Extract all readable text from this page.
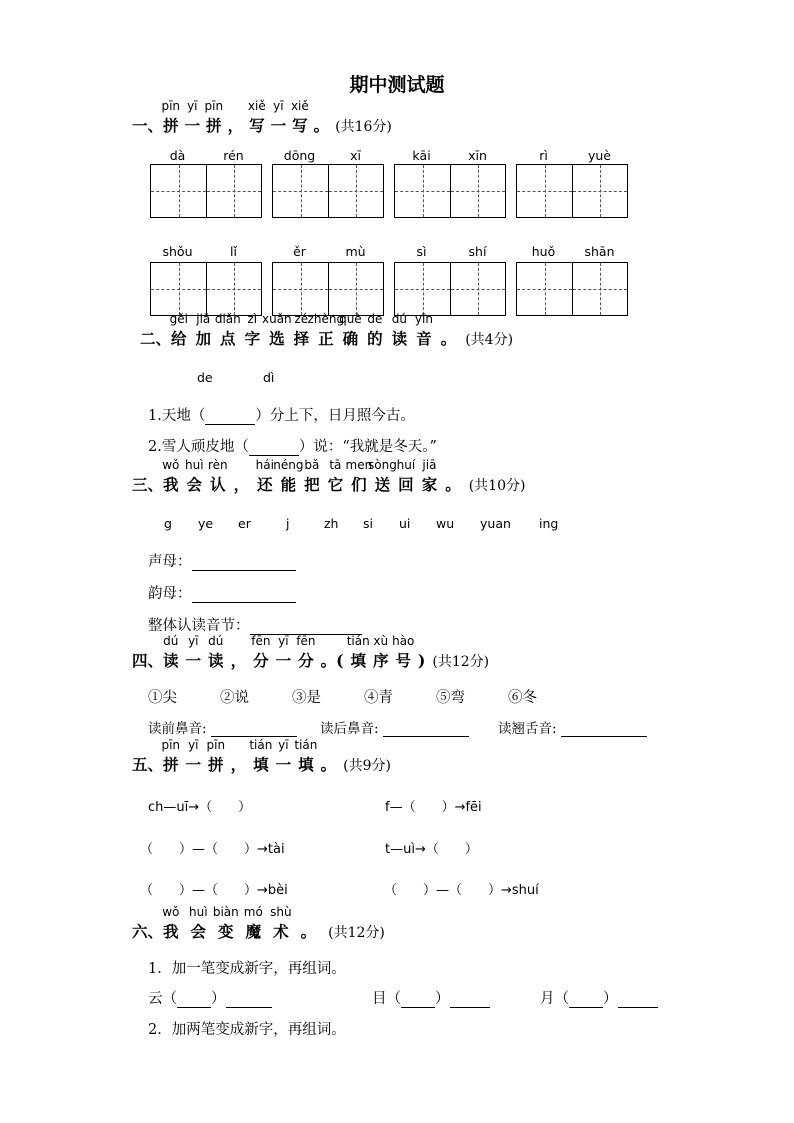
期中测试题
一、拼
pīn
一
yī
拼
pīn
， 写
xiě
一
yī
写
xiě
。 (共16分)
dà	rén	dōng	xī	kāi	xīn	rì	yuè
shǒu	lǐ	ěr	mù	sì	shí	huǒ	shān
二、给
gěi
加
jiā
点
diǎn
字
zì
选
xuǎn
择
zé
正
zhèng
确
què
的
de
读
dú
音
yīn
。 (共4分)
de	dì
1.天地（	）分上下，日月照今古。
2.雪人顽皮地（	）说：“我就是冬天。”
三、我
wǒ
会
huì
认
rèn
， 还
hái
能
néng
把
bǎ
它
tā
们
men
送
sòng
回
huí
家
jiā
。 (共10分)
g ye er	j	zh si ui wu yuan ing
声母：
韵母：
整体认读音节：
四、读
dú
一
yī
读
dú
， 分
fēn
一
yī
分
fēn
。( 填
tián
序
xù
号
hào
) (共12分)
①尖	②说	③是	④青	⑤弯	⑥冬
读前鼻音:	读后鼻音:	读翘舌音:
五、拼
pīn
一
yī
拼
pīn
， 填
tián
一
yī
填
tián
。 (共9分)
ch—uī→（　　）	f—（　　）→fēi
（　　）—（　　）→tài	t—uì→（　　）
（　　）—（　　）→bèi	（　　）—（　　）→shuí
六、我
wǒ
会
huì
变
biàn
魔
mó
术
shù
。 (共12分)
1．加一笔变成新字，再组词。
云（ ）	目（ ）	月（ ）
2．加两笔变成新字，再组词。
